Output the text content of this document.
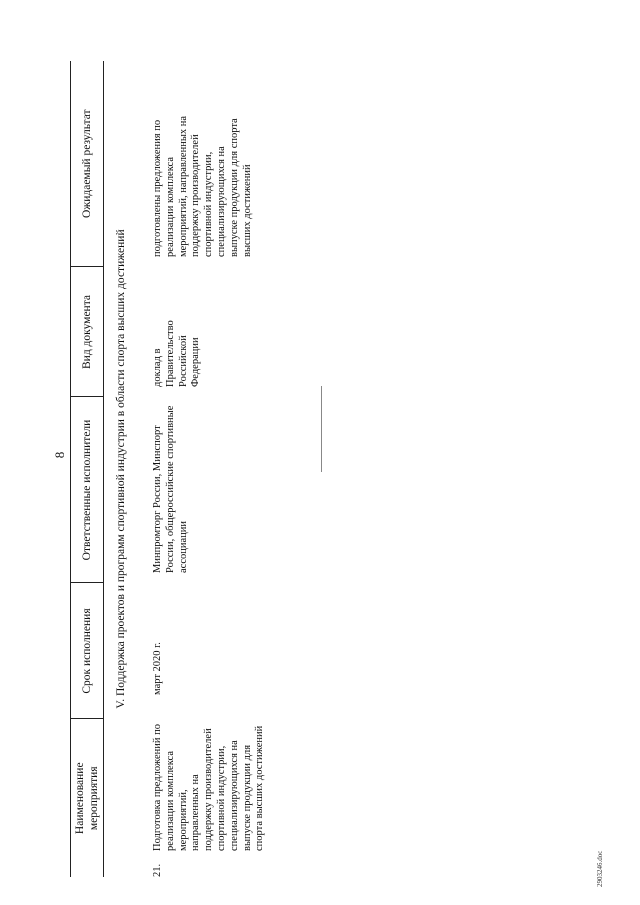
8
Наименование
мероприятия	Срок исполнения	Ответственные исполнители	Вид документа	Ожидаемый результат
V. Поддержка проектов и программ спортивной индустрии в области спорта высших достижений				

21.
Подготовка предложений по реализации комплекса мероприятий, направленных на поддержку производителей спортивной индустрии, специализирующихся на выпуске продукции для спорта высших достижений	март 2020 г.	Минпромторг России, Минспорт России, общероссийские спортивные ассоциации	доклад в Правительство Российской Федерации	подготовлены предложения по реализации комплекса мероприятий, направленных на поддержку производителей спортивной индустрии, специализирующихся на выпуске продукции для спорта высших достижений
2903246.doc
